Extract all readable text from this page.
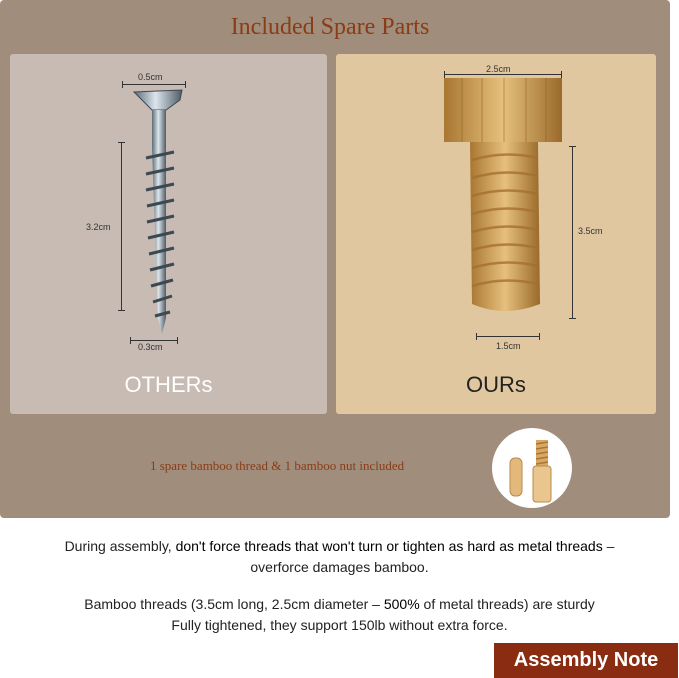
Included Spare Parts
0.5cm
3.2cm
0.3cm
OTHERs
2.5cm
3.5cm
1.5cm
OURs
1 spare bamboo thread & 1 bamboo nut included
During assembly, don't force threads that won't turn or tighten as hard as metal threads –
overforce damages bamboo.
Bamboo threads (3.5cm long, 2.5cm diameter – 500% of metal threads) are sturdy
Fully tightened, they support 150lb without extra force.
Assembly Note
